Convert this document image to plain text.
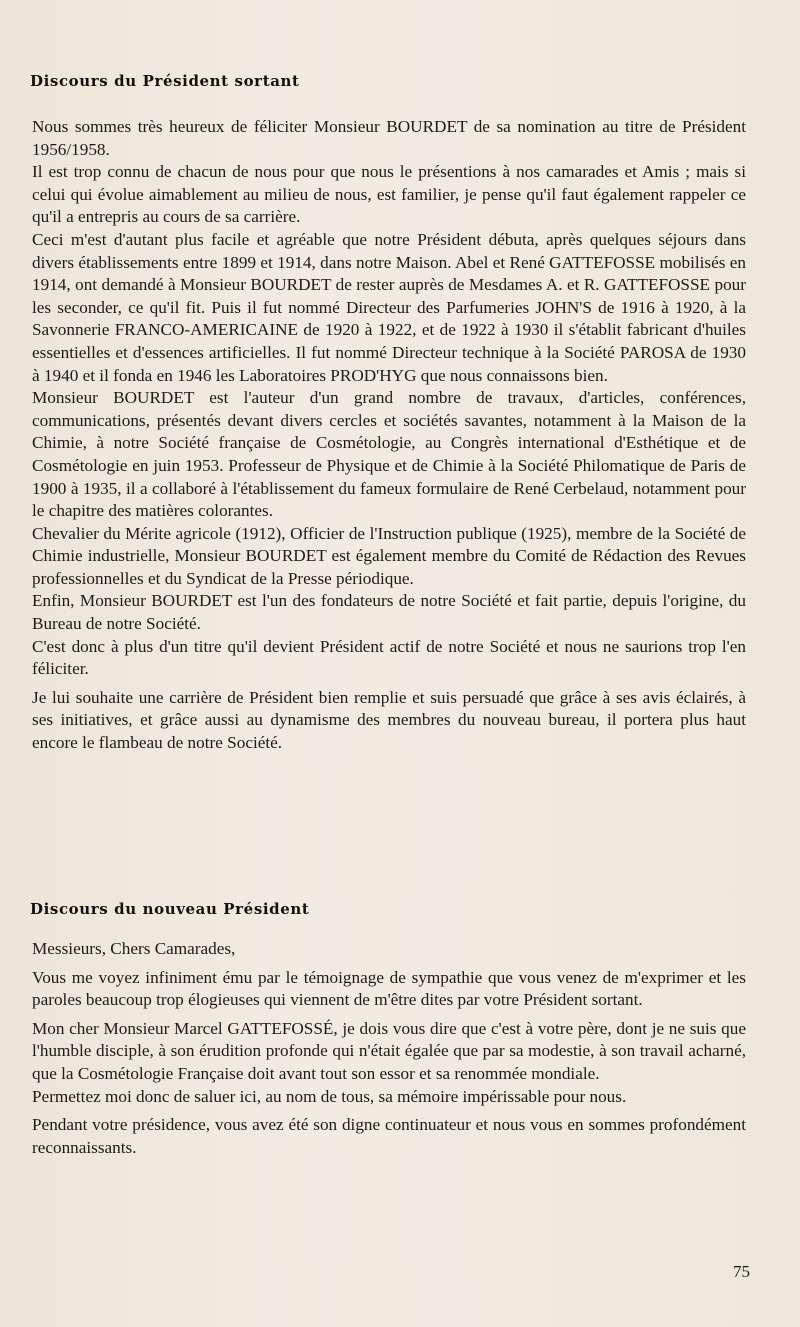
Discours du Président sortant

Nous sommes très heureux de féliciter Monsieur BOURDET de sa nomination au titre de Président 1956/1958.

Il est trop connu de chacun de nous pour que nous le présentions à nos camarades et Amis ; mais si celui qui évolue aimablement au milieu de nous, est familier, je pense qu'il faut également rappeler ce qu'il a entrepris au cours de sa carrière.

Ceci m'est d'autant plus facile et agréable que notre Président débuta, après quelques séjours dans divers établissements entre 1899 et 1914, dans notre Maison. Abel et René GATTEFOSSE mobilisés en 1914, ont demandé à Monsieur BOURDET de rester auprès de Mesdames A. et R. GATTEFOSSE pour les seconder, ce qu'il fit. Puis il fut nommé Directeur des Parfumeries JOHN'S de 1916 à 1920, à la Savonnerie FRANCO-AMERICAINE de 1920 à 1922, et de 1922 à 1930 il s'établit fabricant d'huiles essentielles et d'essences artificielles. Il fut nommé Directeur technique à la Société PAROSA de 1930 à 1940 et il fonda en 1946 les Laboratoires PROD'HYG que nous connaissons bien.

Monsieur BOURDET est l'auteur d'un grand nombre de travaux, d'articles, conférences, communications, présentés devant divers cercles et sociétés savantes, notamment à la Maison de la Chimie, à notre Société française de Cosmétologie, au Congrès international d'Esthétique et de Cosmétologie en juin 1953. Professeur de Physique et de Chimie à la Société Philomatique de Paris de 1900 à 1935, il a collaboré à l'établissement du fameux formulaire de René Cerbelaud, notamment pour le chapitre des matières colorantes.

Chevalier du Mérite agricole (1912), Officier de l'Instruction publique (1925), membre de la Société de Chimie industrielle, Monsieur BOURDET est également membre du Comité de Rédaction des Revues professionnelles et du Syndicat de la Presse périodique.

Enfin, Monsieur BOURDET est l'un des fondateurs de notre Société et fait partie, depuis l'origine, du Bureau de notre Société.

C'est donc à plus d'un titre qu'il devient Président actif de notre Société et nous ne saurions trop l'en féliciter.

Je lui souhaite une carrière de Président bien remplie et suis persuadé que grâce à ses avis éclairés, à ses initiatives, et grâce aussi au dynamisme des membres du nouveau bureau, il portera plus haut encore le flambeau de notre Société.

Discours du nouveau Président

Messieurs, Chers Camarades,

Vous me voyez infiniment ému par le témoignage de sympathie que vous venez de m'exprimer et les paroles beaucoup trop élogieuses qui viennent de m'être dites par votre Président sortant.

Mon cher Monsieur Marcel GATTEFOSSÉ, je dois vous dire que c'est à votre père, dont je ne suis que l'humble disciple, à son érudition profonde qui n'était égalée que par sa modestie, à son travail acharné, que la Cosmétologie Française doit avant tout son essor et sa renommée mondiale.

Permettez moi donc de saluer ici, au nom de tous, sa mémoire impérissable pour nous.

Pendant votre présidence, vous avez été son digne continuateur et nous vous en sommes profondément reconnaissants.

75
